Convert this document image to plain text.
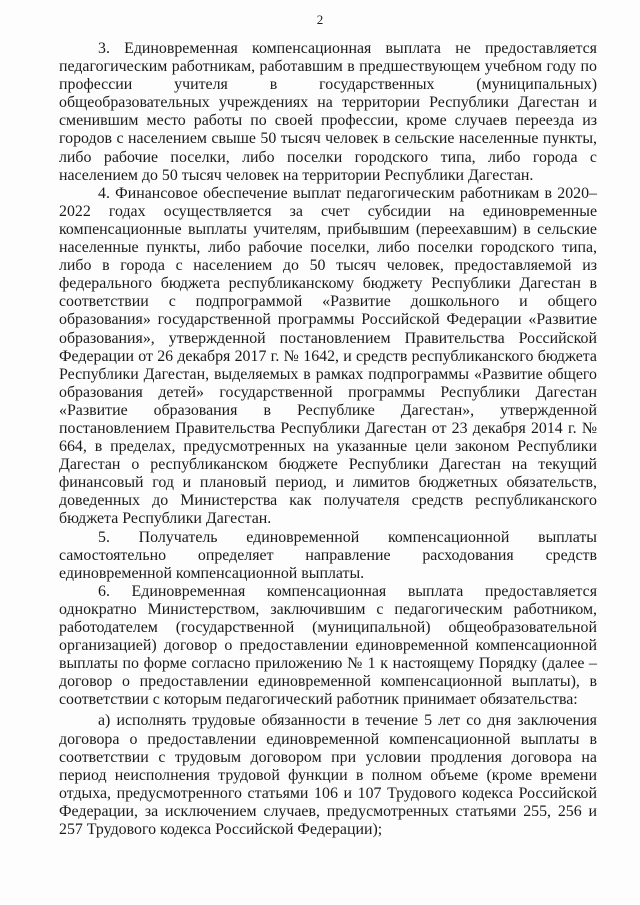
2

3. Единовременная компенсационная выплата не предоставляется педагогическим работникам, работавшим в предшествующем учебном году по профессии учителя в государственных (муниципальных) общеобразовательных учреждениях на территории Республики Дагестан и сменившим место работы по своей профессии, кроме случаев переезда из городов с населением свыше 50 тысяч человек в сельские населенные пункты, либо рабочие поселки, либо поселки городского типа, либо города с населением до 50 тысяч человек на территории Республики Дагестан.

4. Финансовое обеспечение выплат педагогическим работникам в 2020–2022 годах осуществляется за счет субсидии на единовременные компенсационные выплаты учителям, прибывшим (переехавшим) в сельские населенные пункты, либо рабочие поселки, либо поселки городского типа, либо в города с населением до 50 тысяч человек, предоставляемой из федерального бюджета республиканскому бюджету Республики Дагестан в соответствии с подпрограммой «Развитие дошкольного и общего образования» государственной программы Российской Федерации «Развитие образования», утвержденной постановлением Правительства Российской Федерации от 26 декабря 2017 г. № 1642, и средств республиканского бюджета Республики Дагестан, выделяемых в рамках подпрограммы «Развитие общего образования детей» государственной программы Республики Дагестан «Развитие образования в Республике Дагестан», утвержденной постановлением Правительства Республики Дагестан от 23 декабря 2014 г. № 664, в пределах, предусмотренных на указанные цели законом Республики Дагестан о республиканском бюджете Республики Дагестан на текущий финансовый год и плановый период, и лимитов бюджетных обязательств, доведенных до Министерства как получателя средств республиканского бюджета Республики Дагестан.

5. Получатель единовременной компенсационной выплаты самостоятельно определяет направление расходования средств единовременной компенсационной выплаты.

6. Единовременная компенсационная выплата предоставляется однократно Министерством, заключившим с педагогическим работником, работодателем (государственной (муниципальной) общеобразовательной организацией) договор о предоставлении единовременной компенсационной выплаты по форме согласно приложению № 1 к настоящему Порядку (далее – договор о предоставлении единовременной компенсационной выплаты), в соответствии с которым педагогический работник принимает обязательства:

а) исполнять трудовые обязанности в течение 5 лет со дня заключения договора о предоставлении единовременной компенсационной выплаты в соответствии с трудовым договором при условии продления договора на период неисполнения трудовой функции в полном объеме (кроме времени отдыха, предусмотренного статьями 106 и 107 Трудового кодекса Российской Федерации, за исключением случаев, предусмотренных статьями 255, 256 и 257 Трудового кодекса Российской Федерации);
